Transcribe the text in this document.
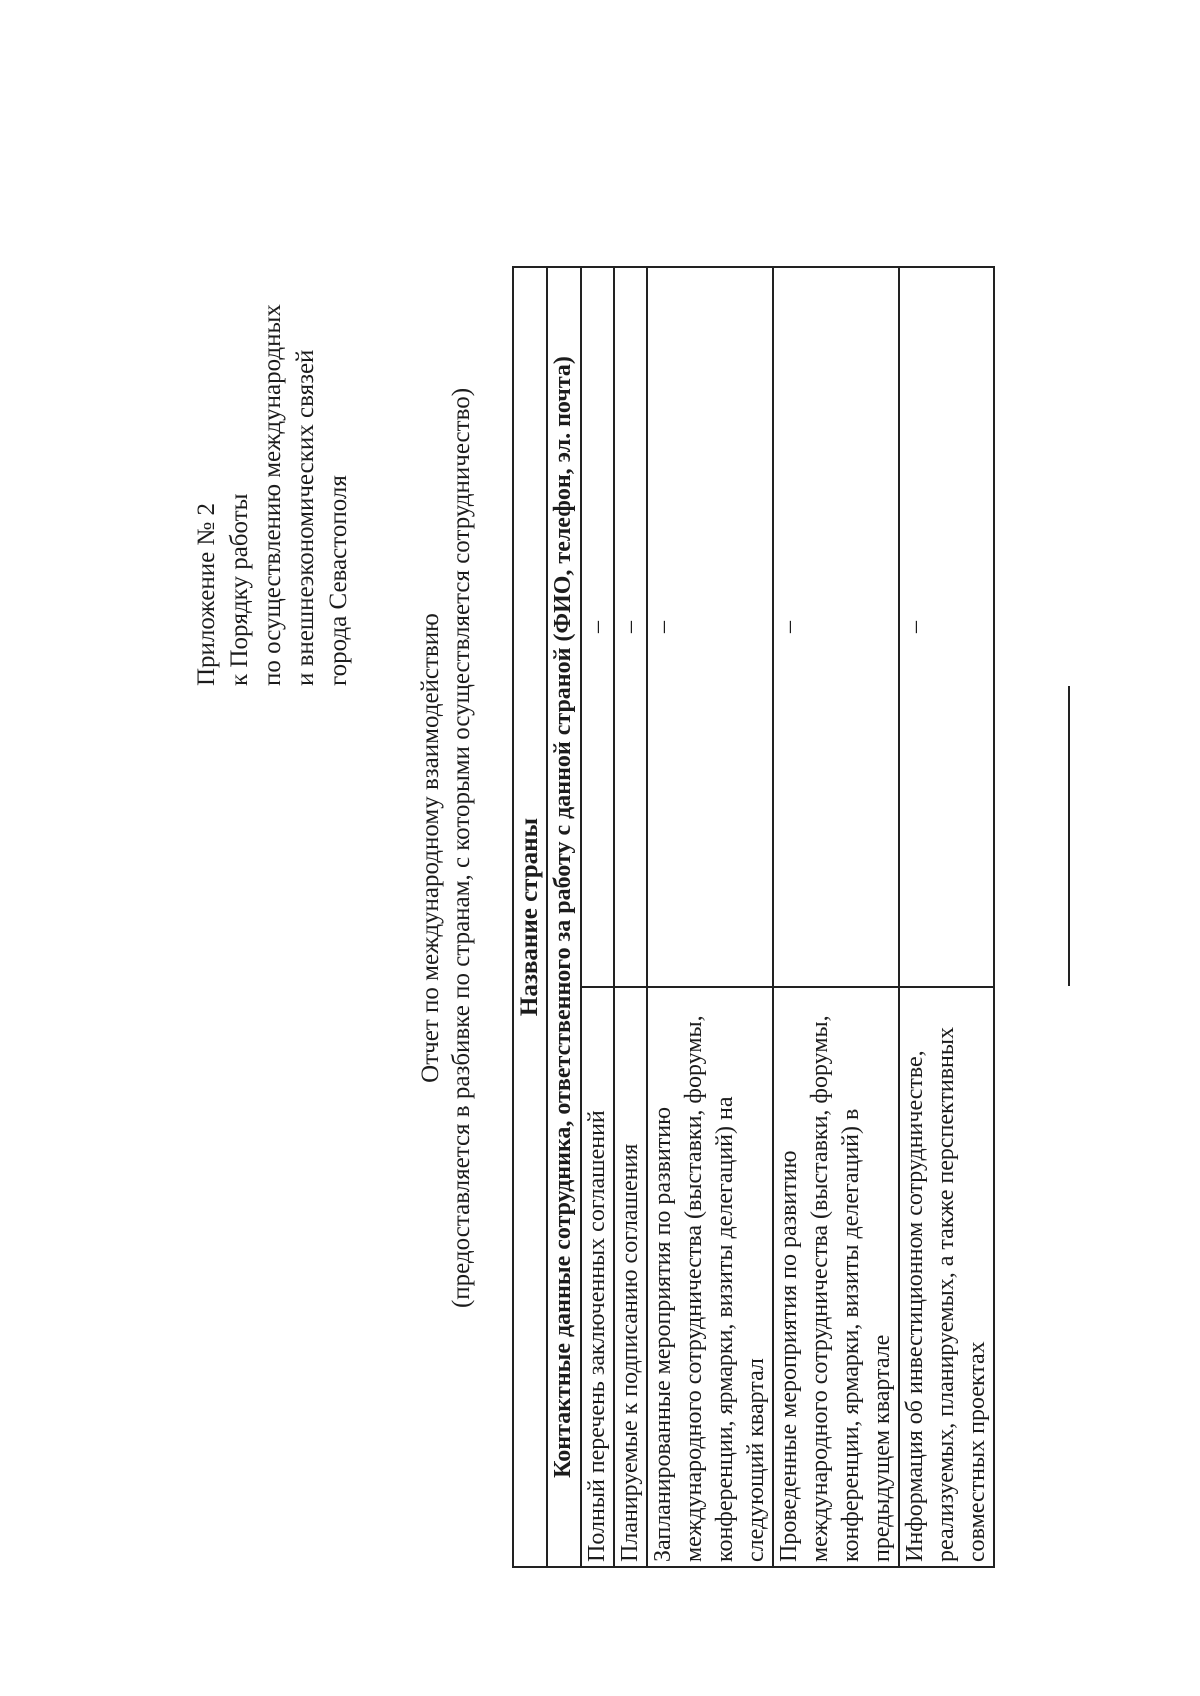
Приложение № 2 к Порядку работы по осуществлению международных и внешнеэкономических связей города Севастополя
Отчет по международному взаимодействию (предоставляется в разбивке по странам, с которыми осуществляется сотрудничество) Название страны	
Контактные данные сотрудника, ответственного за работу с данной страной (ФИО, телефон, эл. почта)	
Полный перечень заключенных соглашений	–
Планируемые к подписанию соглашения	–
Запланированные мероприятия по развитию международного сотрудничества (выставки, форумы, конференции, ярмарки, визиты делегаций) на следующий квартал	–
Проведенные мероприятия по развитию международного сотрудничества (выставки, форумы, конференции, ярмарки, визиты делегаций) в предыдущем квартале	–
Информация об инвестиционном сотрудничестве, реализуемых, планируемых, а также перспективных совместных проектах	–
